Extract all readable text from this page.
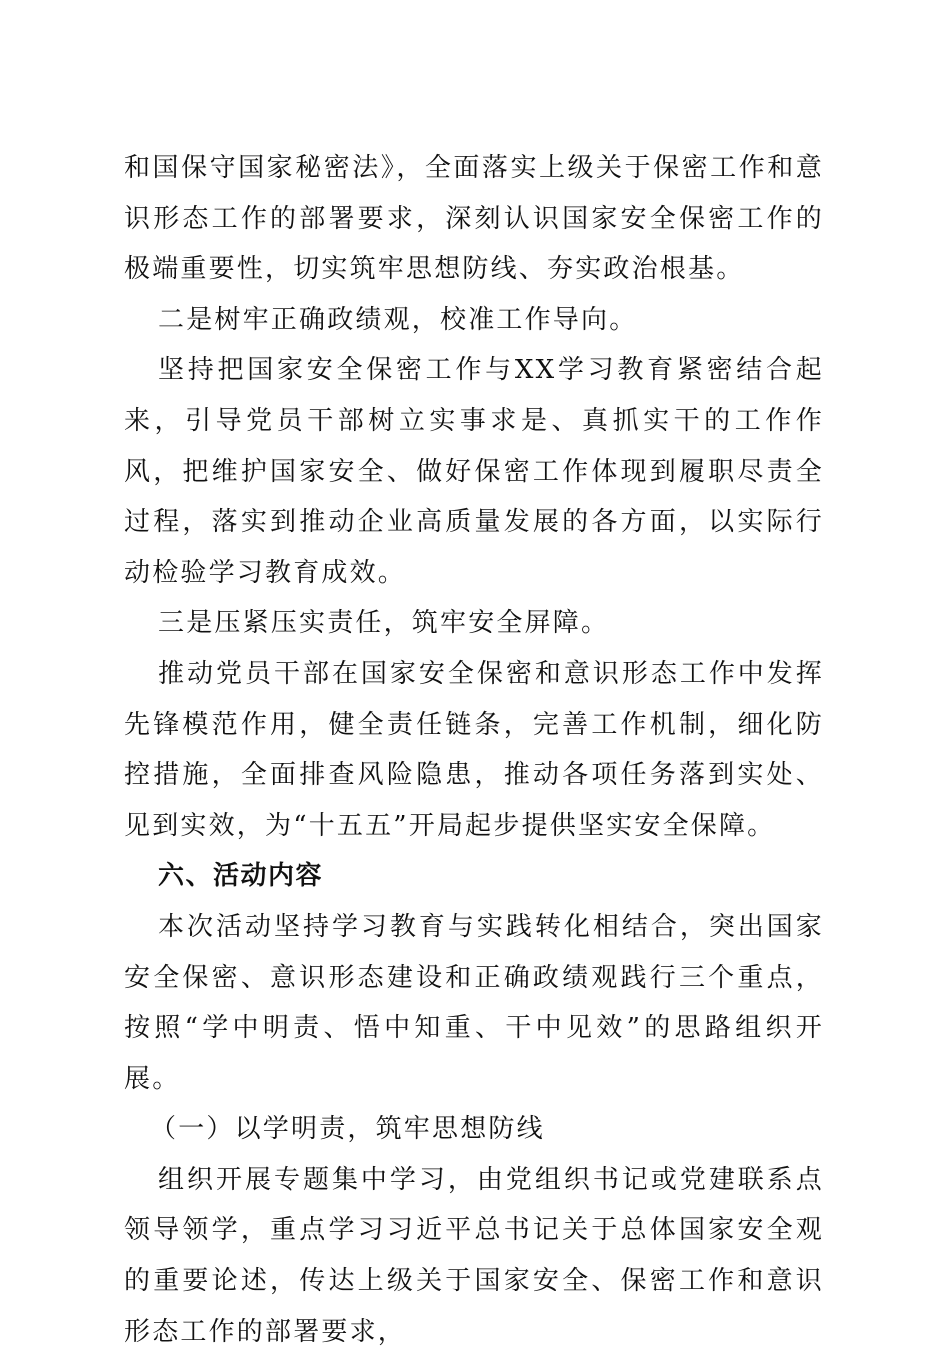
和国保守国家秘密法》，全面落实上级关于保密工作和意识形态工作的部署要求，深刻认识国家安全保密工作的极端重要性，切实筑牢思想防线、夯实政治根基。

二是树牢正确政绩观，校准工作导向。

坚持把国家安全保密工作与XX学习教育紧密结合起来，引导党员干部树立实事求是、真抓实干的工作作风，把维护国家安全、做好保密工作体现到履职尽责全过程，落实到推动企业高质量发展的各方面，以实际行动检验学习教育成效。

三是压紧压实责任，筑牢安全屏障。

推动党员干部在国家安全保密和意识形态工作中发挥先锋模范作用，健全责任链条，完善工作机制，细化防控措施，全面排查风险隐患，推动各项任务落到实处、见到实效，为“十五五”开局起步提供坚实安全保障。

六、活动内容

本次活动坚持学习教育与实践转化相结合，突出国家安全保密、意识形态建设和正确政绩观践行三个重点，按照“学中明责、悟中知重、干中见效”的思路组织开展。

（一）以学明责，筑牢思想防线

组织开展专题集中学习，由党组织书记或党建联系点领导领学，重点学习习近平总书记关于总体国家安全观的重要论述，传达上级关于国家安全、保密工作和意识形态工作的部署要求，
